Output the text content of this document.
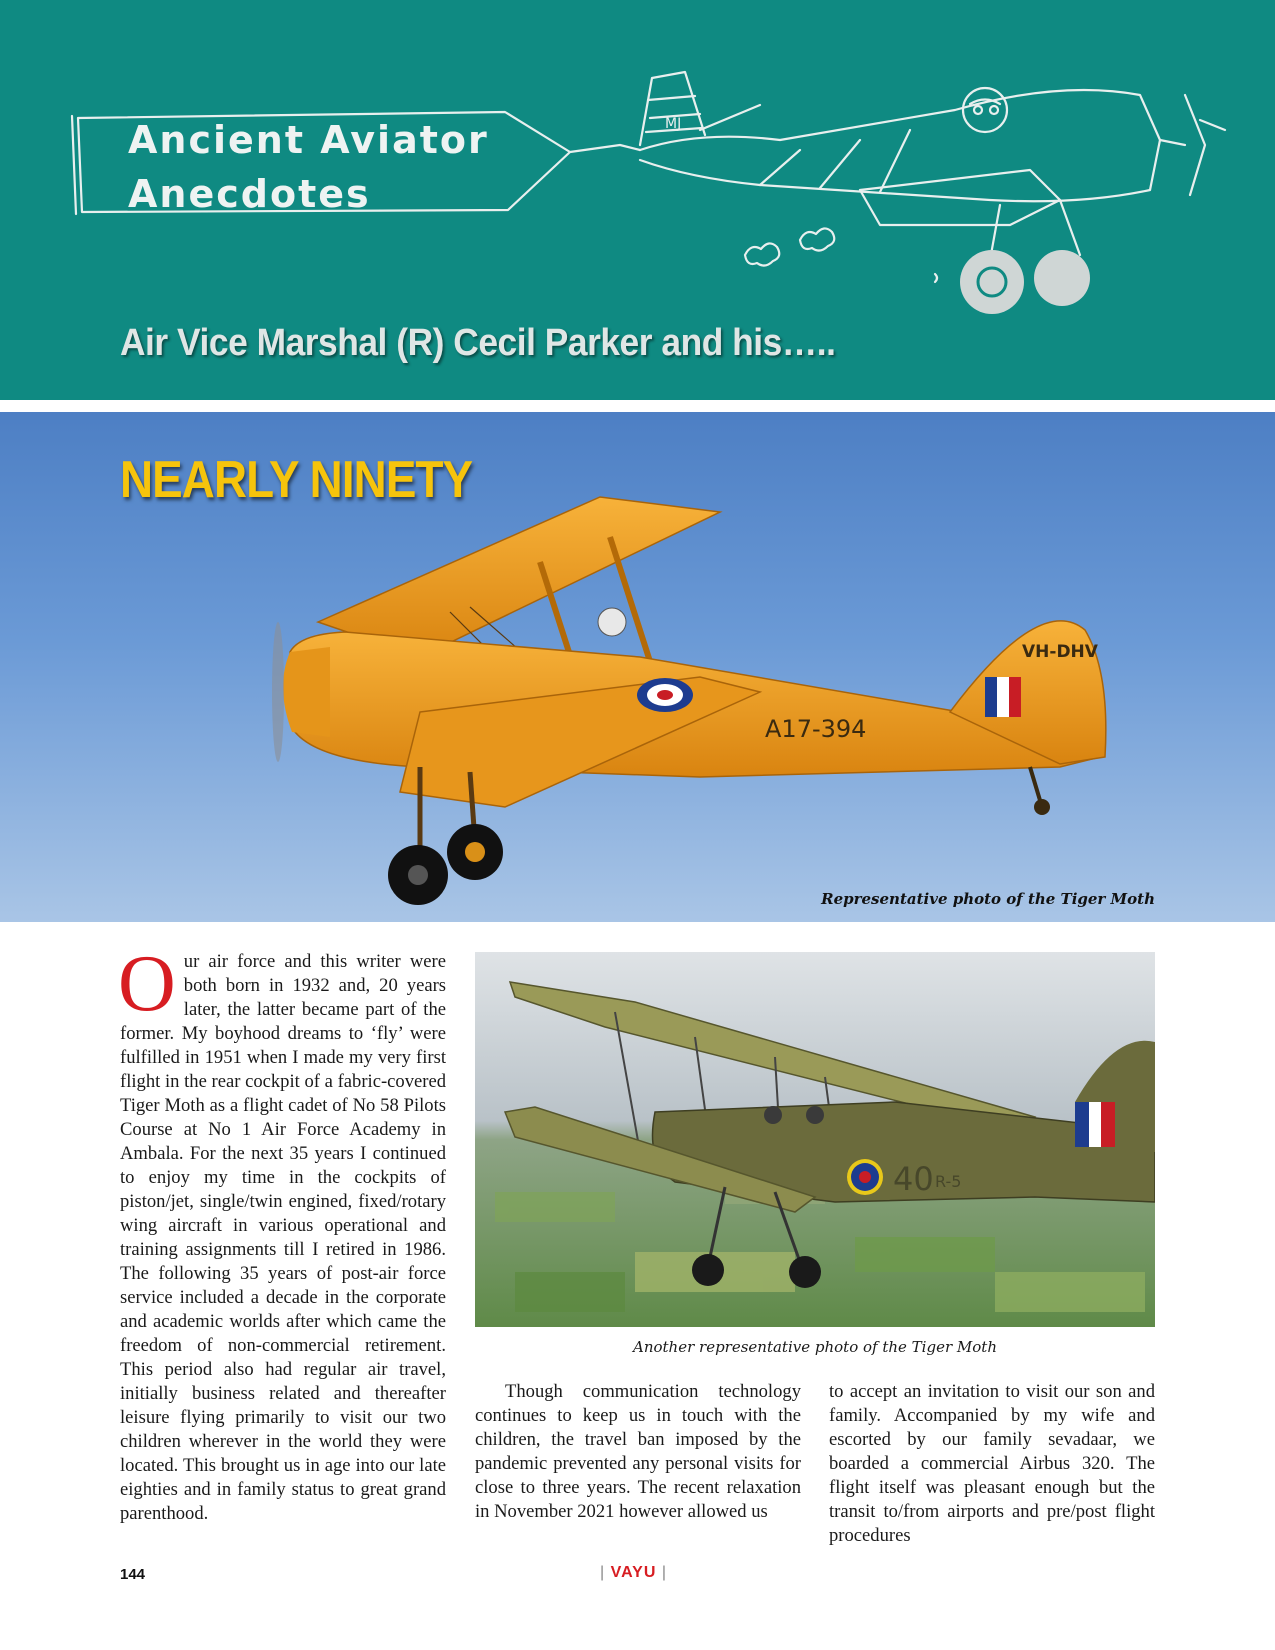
MJ
Ancient Aviator
Anecdotes
Air Vice Marshal (R) Cecil Parker and his…..
VH-DHV
A17-394
NEARLY NINETY
Representative photo of the Tiger Moth

Our air force and this writer were both born in 1932 and, 20 years later, the latter became part of the former. My boyhood dreams to ‘fly’ were fulfilled in 1951 when I made my very first flight in the rear cockpit of a fabric-covered Tiger Moth as a flight cadet of No 58 Pilots Course at No 1 Air Force Academy in Ambala. For the next 35 years I continued to enjoy my time in the cockpits of piston/jet, single/twin engined, fixed/rotary wing aircraft in various operational and training assignments till I retired in 1986. The following 35 years of post-air force service included a decade in the corporate and academic worlds after which came the freedom of non-commercial retirement. This period also had regular air travel, initially business related and thereafter leisure flying primarily to visit our two children wherever in the world they were located. This brought us in age into our late eighties and in family status to great grand parenthood.

40 R-5
Another representative photo of the Tiger Moth

Though communication technology continues to keep us in touch with the children, the travel ban imposed by the pandemic prevented any personal visits for close to three years. The recent relaxation in November 2021 however allowed us

to accept an invitation to visit our son and family. Accompanied by my wife and escorted by our family sevadaar, we boarded a commercial Airbus 320. The flight itself was pleasant enough but the transit to/from airports and pre/post flight procedures

144	| VAYU |
